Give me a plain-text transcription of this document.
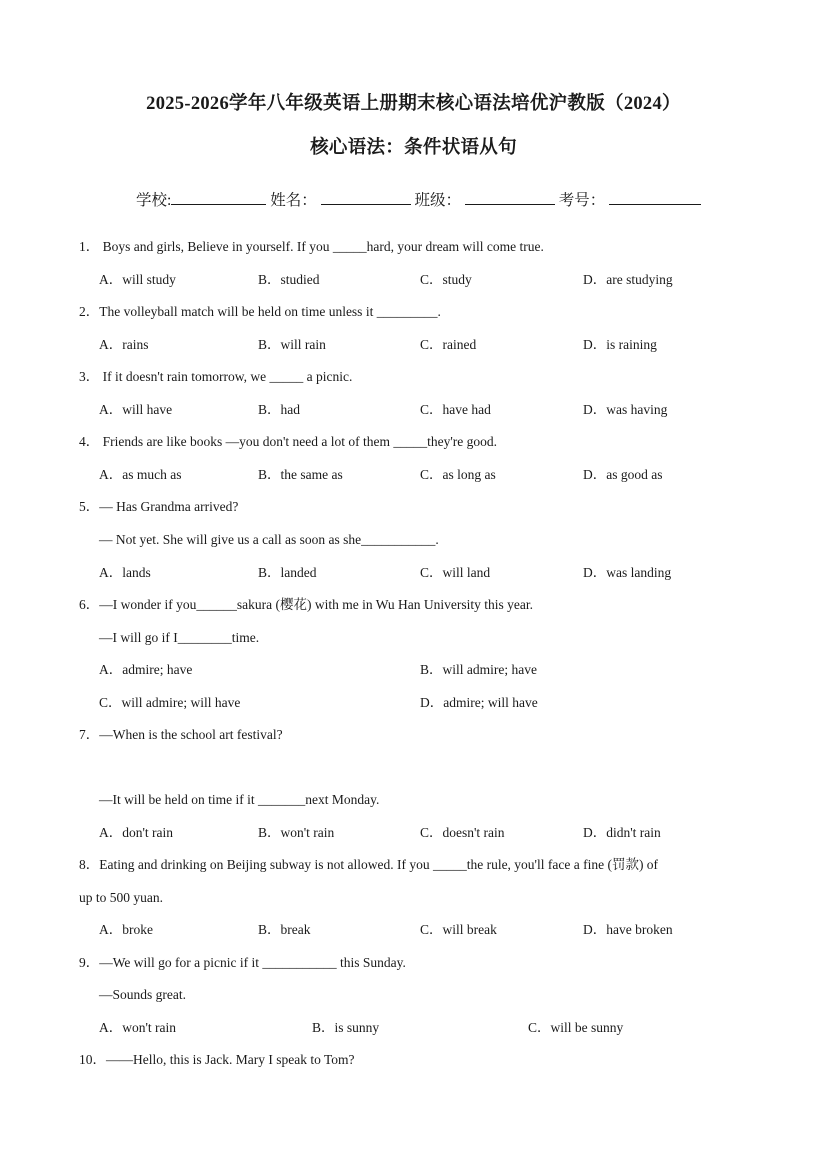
2025-2026学年八年级英语上册期末核心语法培优沪教版（2024）
核心语法：条件状语从句
学校:	姓名：	班级：	考号：
1． Boys and girls, Believe in yourself. If you _____hard, your dream will come true.
A．will study	B．studied	C．study	D．are studying
2．The volleyball match will be held on time unless it _________.
A．rains	B．will rain	C．rained	D．is raining
3． If it doesn't rain tomorrow, we _____ a picnic.
A．will have	B．had	C．have had	D．was having
4． Friends are like books —you don't need a lot of them _____they're good.
A．as much as	B．the same as	C．as long as	D．as good as
5．— Has Grandma arrived?
— Not yet. She will give us a call as soon as she___________.
A．lands	B．landed	C．will land	D．was landing
6．—I wonder if you______sakura (樱花) with me in Wu Han University this year.
—I will go if I________time.
A．admire; have	B．will admire; have
C．will admire; will have	D．admire; will have
7．—When is the school art festival?
—It will be held on time if it _______next Monday.
A．don't rain	B．won't rain	C．doesn't rain	D．didn't rain
8．Eating and drinking on Beijing subway is not allowed. If you _____the rule, you'll face a fine (罚款) of
up to 500 yuan.
A．broke	B．break	C．will break	D．have broken
9．—We will go for a picnic if it ___________ this Sunday.
—Sounds great.
A．won't rain	B．is sunny	C．will be sunny
10．——Hello, this is Jack. Mary I speak to Tom?
